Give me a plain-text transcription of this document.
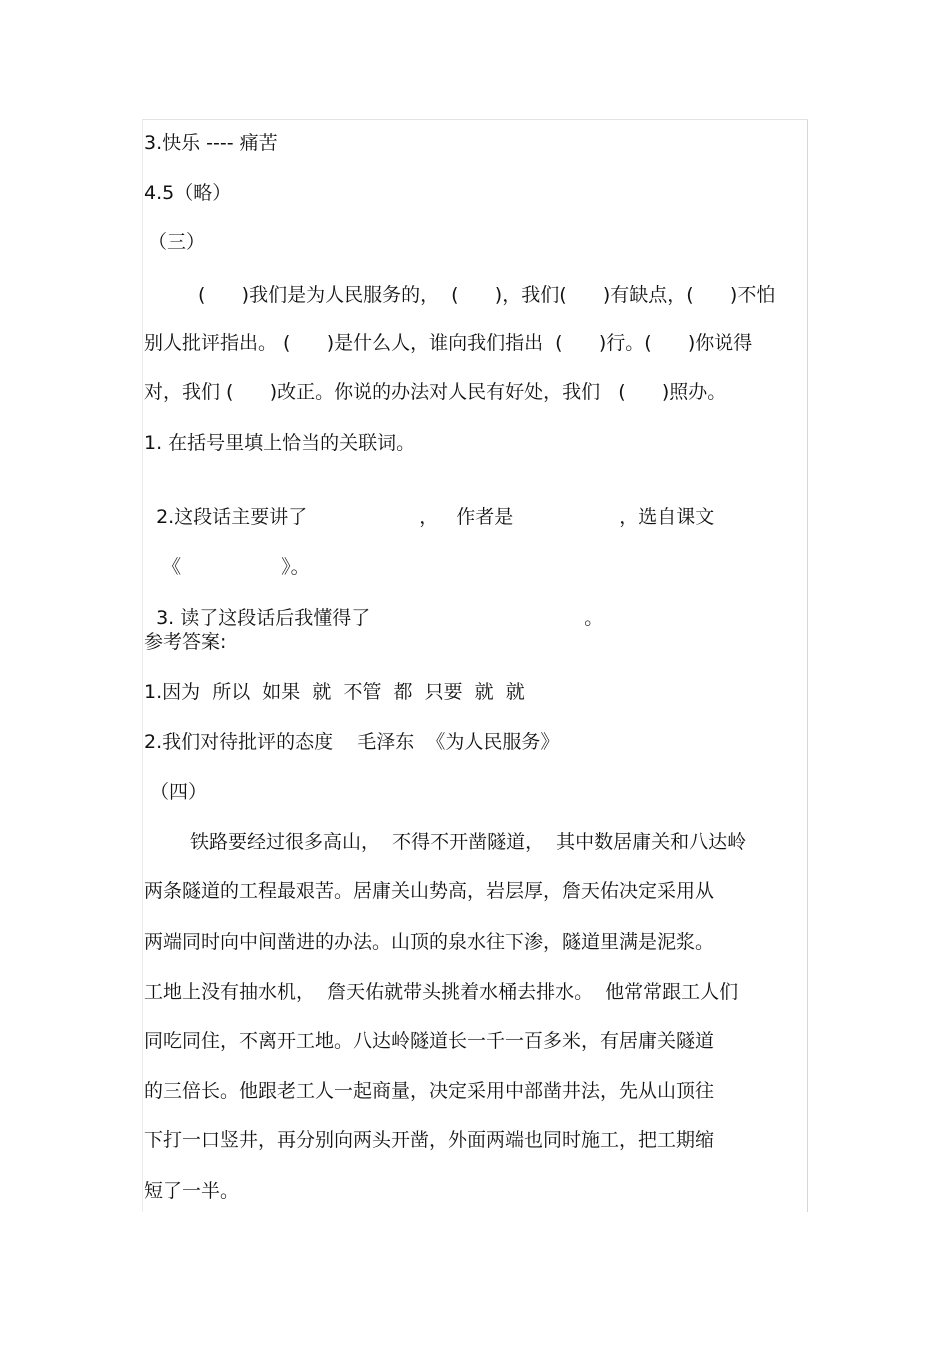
3.快乐 ---- 痛苦

4.5（略）

（三）

(      )我们是为人民服务的，  (      )，我们(      )有缺点，(      )不怕

别人批评指出。 (      )是什么人，谁向我们指出  (      )行。(      )你说得

对，我们 (      )改正。你说的办法对人民有好处，我们   (      )照办。

1. 在括号里填上恰当的关联词。

2.这段话主要讲了	， 作者是	，选自课文

《	》。

3. 读了这段话后我懂得了	。

参考答案:

1.因为  所以  如果  就  不管  都  只要  就  就

2.我们对待批评的态度    毛泽东  《为人民服务》

（四）

铁路要经过很多高山，  不得不开凿隧道，  其中数居庸关和八达岭

两条隧道的工程最艰苦。居庸关山势高，岩层厚，詹天佑决定采用从

两端同时向中间凿进的办法。山顶的泉水往下渗，隧道里满是泥浆。

工地上没有抽水机，  詹天佑就带头挑着水桶去排水。  他常常跟工人们

同吃同住，不离开工地。八达岭隧道长一千一百多米，有居庸关隧道

的三倍长。他跟老工人一起商量，决定采用中部凿井法，先从山顶往

下打一口竖井，再分别向两头开凿，外面两端也同时施工，把工期缩

短了一半。
